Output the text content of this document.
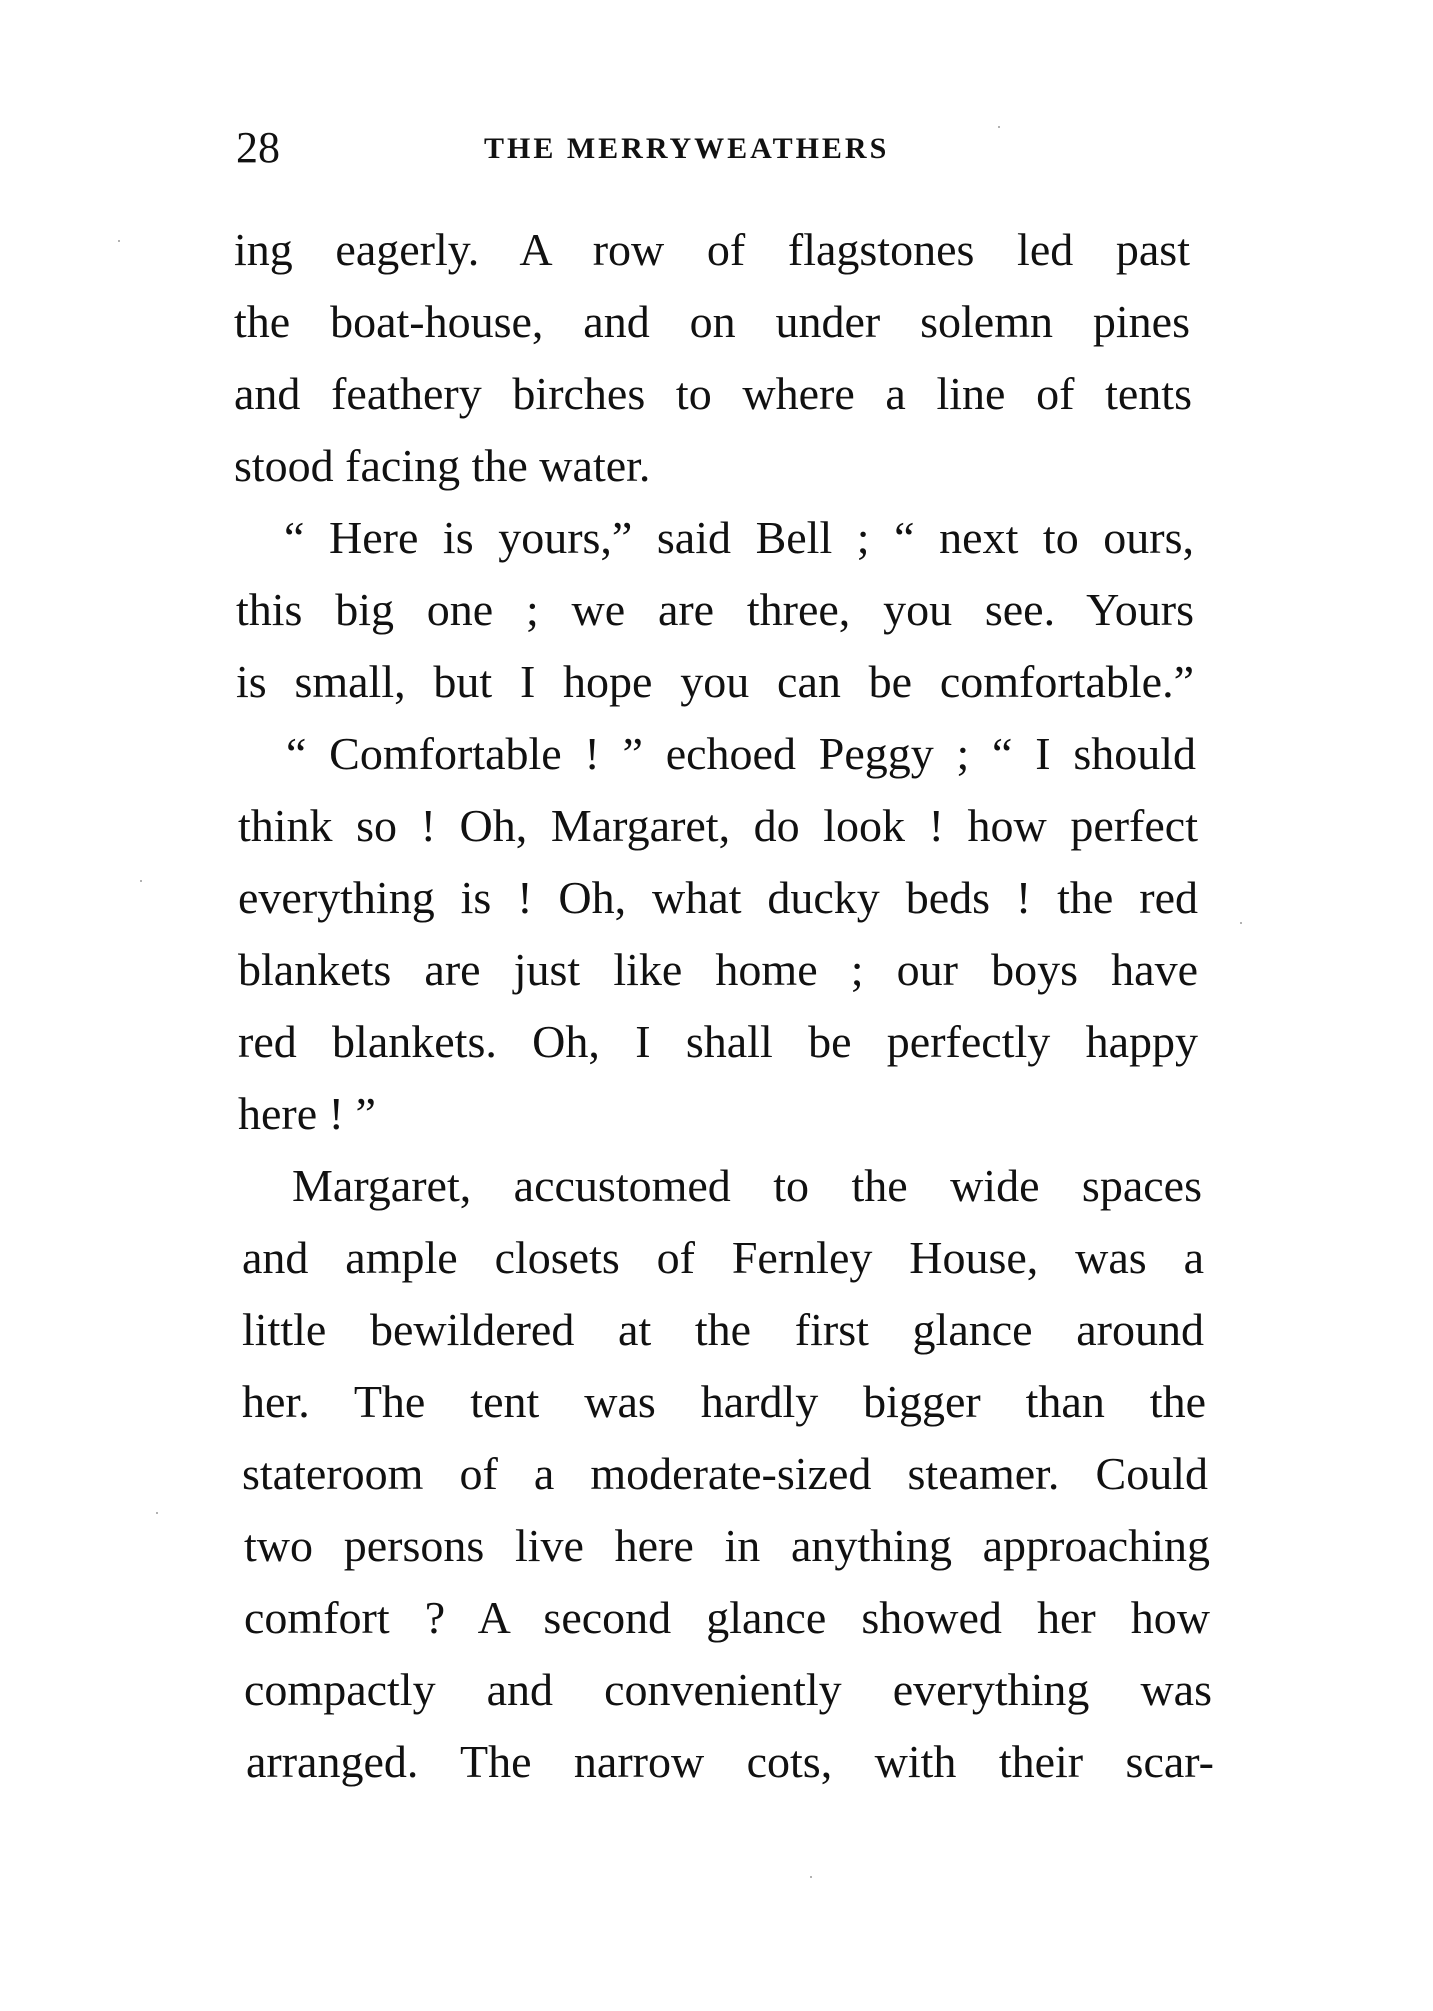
28	THE MERRYWEATHERS
ing eagerly. A row of flagstones led past
the boat-house, and on under solemn pines
and feathery birches to where a line of tents
stood facing the water.
“ Here is yours,” said Bell ; “ next to ours,
this big one ; we are three, you see. Yours
is small, but I hope you can be comfortable.”
“ Comfortable ! ” echoed Peggy ; “ I should
think so ! Oh, Margaret, do look ! how perfect
everything is ! Oh, what ducky beds ! the red
blankets are just like home ; our boys have
red blankets. Oh, I shall be perfectly happy
here ! ”
Margaret, accustomed to the wide spaces
and ample closets of Fernley House, was a
little bewildered at the first glance around
her. The tent was hardly bigger than the
stateroom of a moderate-sized steamer. Could
two persons live here in anything approaching
comfort ? A second glance showed her how
compactly and conveniently everything was
arranged. The narrow cots, with their scar-
